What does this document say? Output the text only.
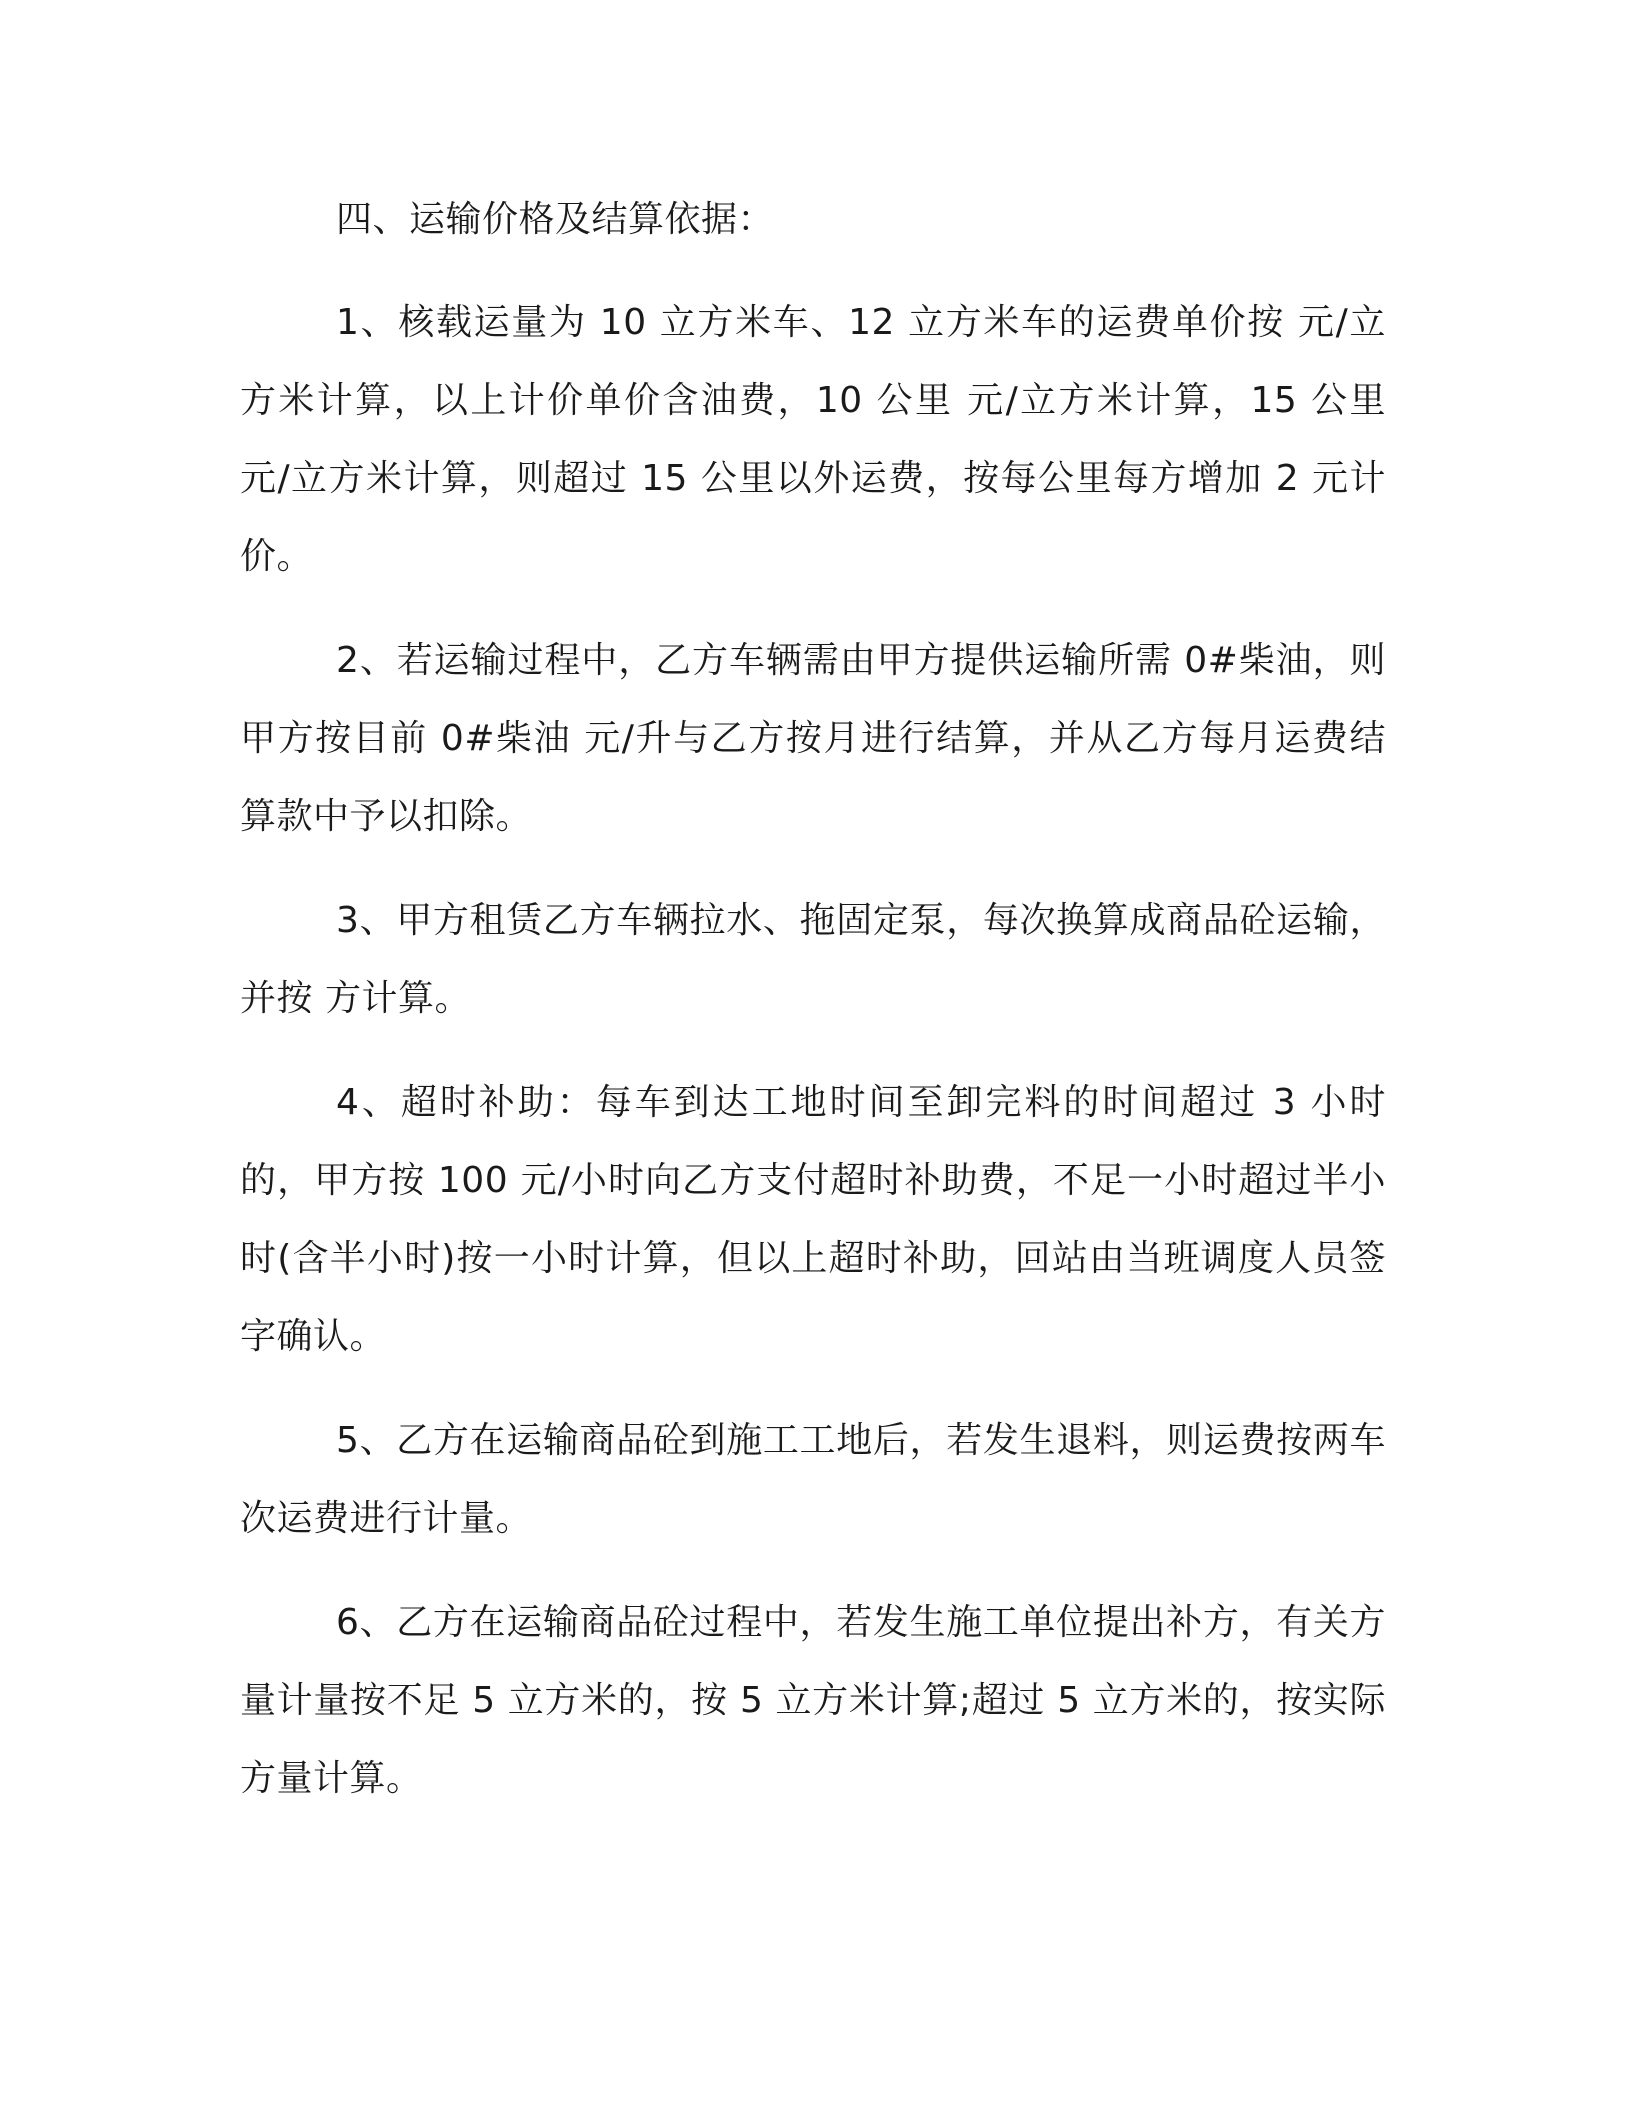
四、运输价格及结算依据：

1、核载运量为 10 立方米车、12 立方米车的运费单价按 元/立方米计算，以上计价单价含油费，10 公里 元/立方米计算，15 公里 元/立方米计算，则超过 15 公里以外运费，按每公里每方增加 2 元计价。

2、若运输过程中，乙方车辆需由甲方提供运输所需 0#柴油，则甲方按目前 0#柴油 元/升与乙方按月进行结算，并从乙方每月运费结算款中予以扣除。

3、甲方租赁乙方车辆拉水、拖固定泵，每次换算成商品砼运输，并按 方计算。

4、超时补助：每车到达工地时间至卸完料的时间超过 3 小时的，甲方按 100 元/小时向乙方支付超时补助费，不足一小时超过半小时(含半小时)按一小时计算，但以上超时补助，回站由当班调度人员签字确认。

5、乙方在运输商品砼到施工工地后，若发生退料，则运费按两车次运费进行计量。

6、乙方在运输商品砼过程中，若发生施工单位提出补方，有关方量计量按不足 5 立方米的，按 5 立方米计算;超过 5 立方米的，按实际方量计算。
